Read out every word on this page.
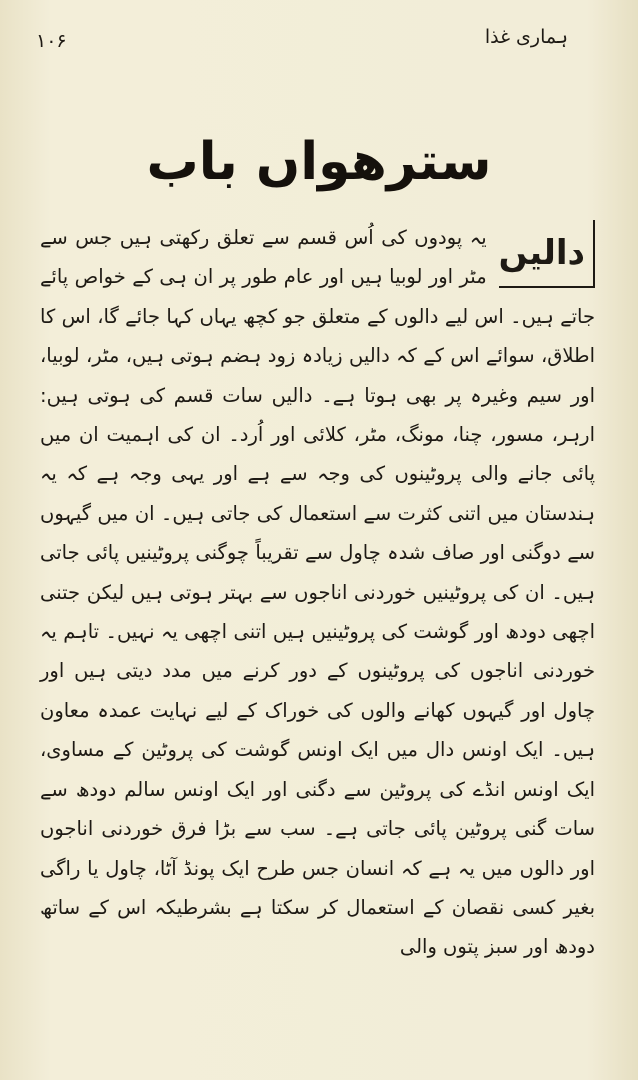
ہماری غذا
۱۰۶

سترھواں باب
دالیں
یہ پودوں کی اُس قسم سے تعلق رکھتی ہیں جس سے مٹر اور لوبیا ہیں اور عام طور پر ان ہی کے خواص پائے جاتے ہیں۔ اس لیے دالوں کے متعلق جو کچھ یہاں کہا جائے گا، اس کا اطلاق، سوائے اس کے کہ دالیں زیادہ زود ہضم ہوتی ہیں، مٹر، لوبیا، اور سیم وغیرہ پر بھی ہوتا ہے۔ دالیں سات قسم کی ہوتی ہیں: ارہر، مسور، چنا، مونگ، مٹر، کلائی اور اُرد۔ ان کی اہمیت ان میں پائی جانے والی پروٹینوں کی وجہ سے ہے اور یہی وجہ ہے کہ یہ ہندستان میں اتنی کثرت سے استعمال کی جاتی ہیں۔ ان میں گیہوں سے دوگنی اور صاف شدہ چاول سے تقریباً چوگنی پروٹینیں پائی جاتی ہیں۔ ان کی پروٹینیں خوردنی اناجوں سے بہتر ہوتی ہیں لیکن جتنی اچھی دودھ اور گوشت کی پروٹینیں ہیں اتنی اچھی یہ نہیں۔ تاہم یہ خوردنی اناجوں کی پروٹینوں کے دور کرنے میں مدد دیتی ہیں اور چاول اور گیہوں کھانے والوں کی خوراک کے لیے نہایت عمدہ معاون ہیں۔ ایک اونس دال میں ایک اونس گوشت کی پروٹین کے مساوی، ایک اونس انڈے کی پروٹین سے دگنی اور ایک اونس سالم دودھ سے سات گنی پروٹین پائی جاتی ہے۔ سب سے بڑا فرق خوردنی اناجوں اور دالوں میں یہ ہے کہ انسان جس طرح ایک پونڈ آٹا، چاول یا راگی بغیر کسی نقصان کے استعمال کر سکتا ہے بشرطیکہ اس کے ساتھ دودھ اور سبز پتوں والی
